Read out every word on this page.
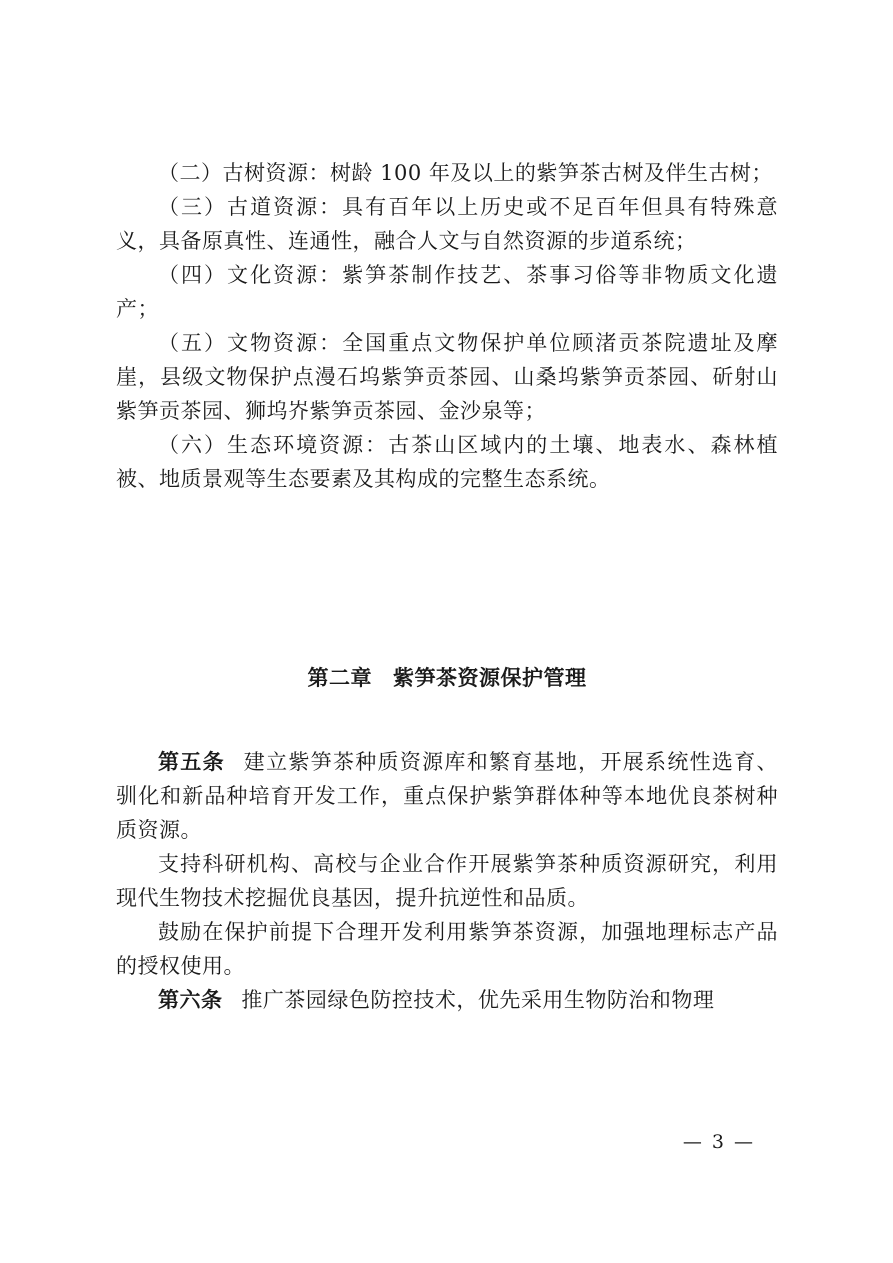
（二）古树资源：树龄 100 年及以上的紫笋茶古树及伴生古树；

（三）古道资源：具有百年以上历史或不足百年但具有特殊意义，具备原真性、连通性，融合人文与自然资源的步道系统；

（四）文化资源：紫笋茶制作技艺、茶事习俗等非物质文化遗产；

（五）文物资源：全国重点文物保护单位顾渚贡茶院遗址及摩崖，县级文物保护点漫石坞紫笋贡茶园、山桑坞紫笋贡茶园、斫射山紫笋贡茶园、狮坞岕紫笋贡茶园、金沙泉等；

（六）生态环境资源：古茶山区域内的土壤、地表水、森林植被、地质景观等生态要素及其构成的完整生态系统。

第二章 紫笋茶资源保护管理

第五条 建立紫笋茶种质资源库和繁育基地，开展系统性选育、驯化和新品种培育开发工作，重点保护紫笋群体种等本地优良茶树种质资源。

支持科研机构、高校与企业合作开展紫笋茶种质资源研究，利用现代生物技术挖掘优良基因，提升抗逆性和品质。

鼓励在保护前提下合理开发利用紫笋茶资源，加强地理标志产品的授权使用。

第六条 推广茶园绿色防控技术，优先采用生物防治和物理

— 3 —
